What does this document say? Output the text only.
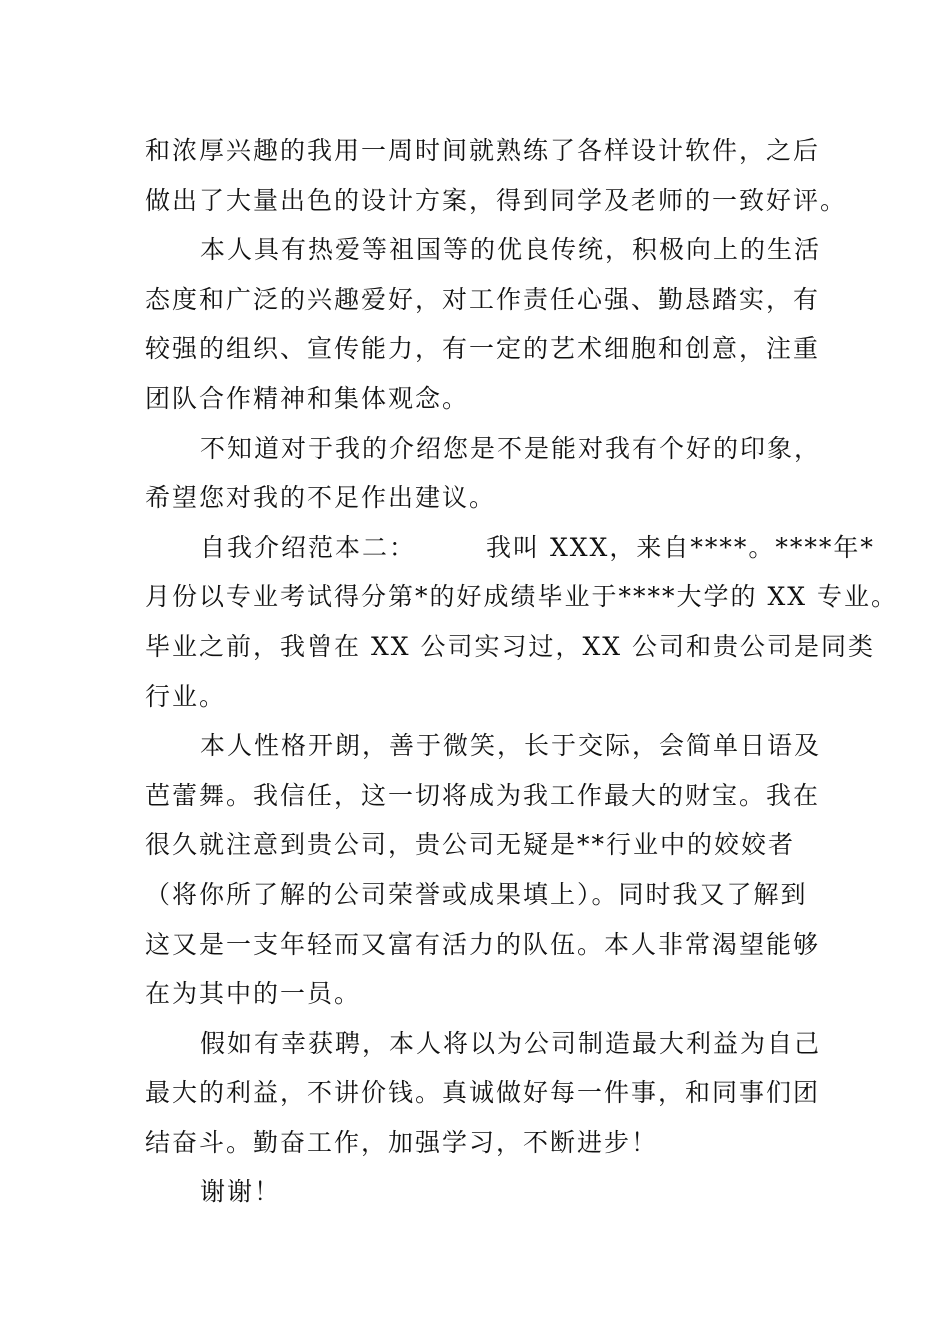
和浓厚兴趣的我用一周时间就熟练了各样设计软件，之后
做出了大量出色的设计方案，得到同学及老师的一致好评。
本人具有热爱等祖国等的优良传统，积极向上的生活
态度和广泛的兴趣爱好，对工作责任心强、勤恳踏实，有
较强的组织、宣传能力，有一定的艺术细胞和创意，注重
团队合作精神和集体观念。
不知道对于我的介绍您是不是能对我有个好的印象，
希望您对我的不足作出建议。
自我介绍范本二：	我叫 XXX，来自****。****年*
月份以专业考试得分第*的好成绩毕业于****大学的 XX 专业。
毕业之前，我曾在 XX 公司实习过，XX 公司和贵公司是同类
行业。
本人性格开朗，善于微笑，长于交际，会简单日语及
芭蕾舞。我信任，这一切将成为我工作最大的财宝。我在
很久就注意到贵公司，贵公司无疑是**行业中的姣姣者
（将你所了解的公司荣誉或成果填上）。同时我又了解到
这又是一支年轻而又富有活力的队伍。本人非常渴望能够
在为其中的一员。
假如有幸获聘，本人将以为公司制造最大利益为自己
最大的利益，不讲价钱。真诚做好每一件事，和同事们团
结奋斗。勤奋工作，加强学习，不断进步！
谢谢！
